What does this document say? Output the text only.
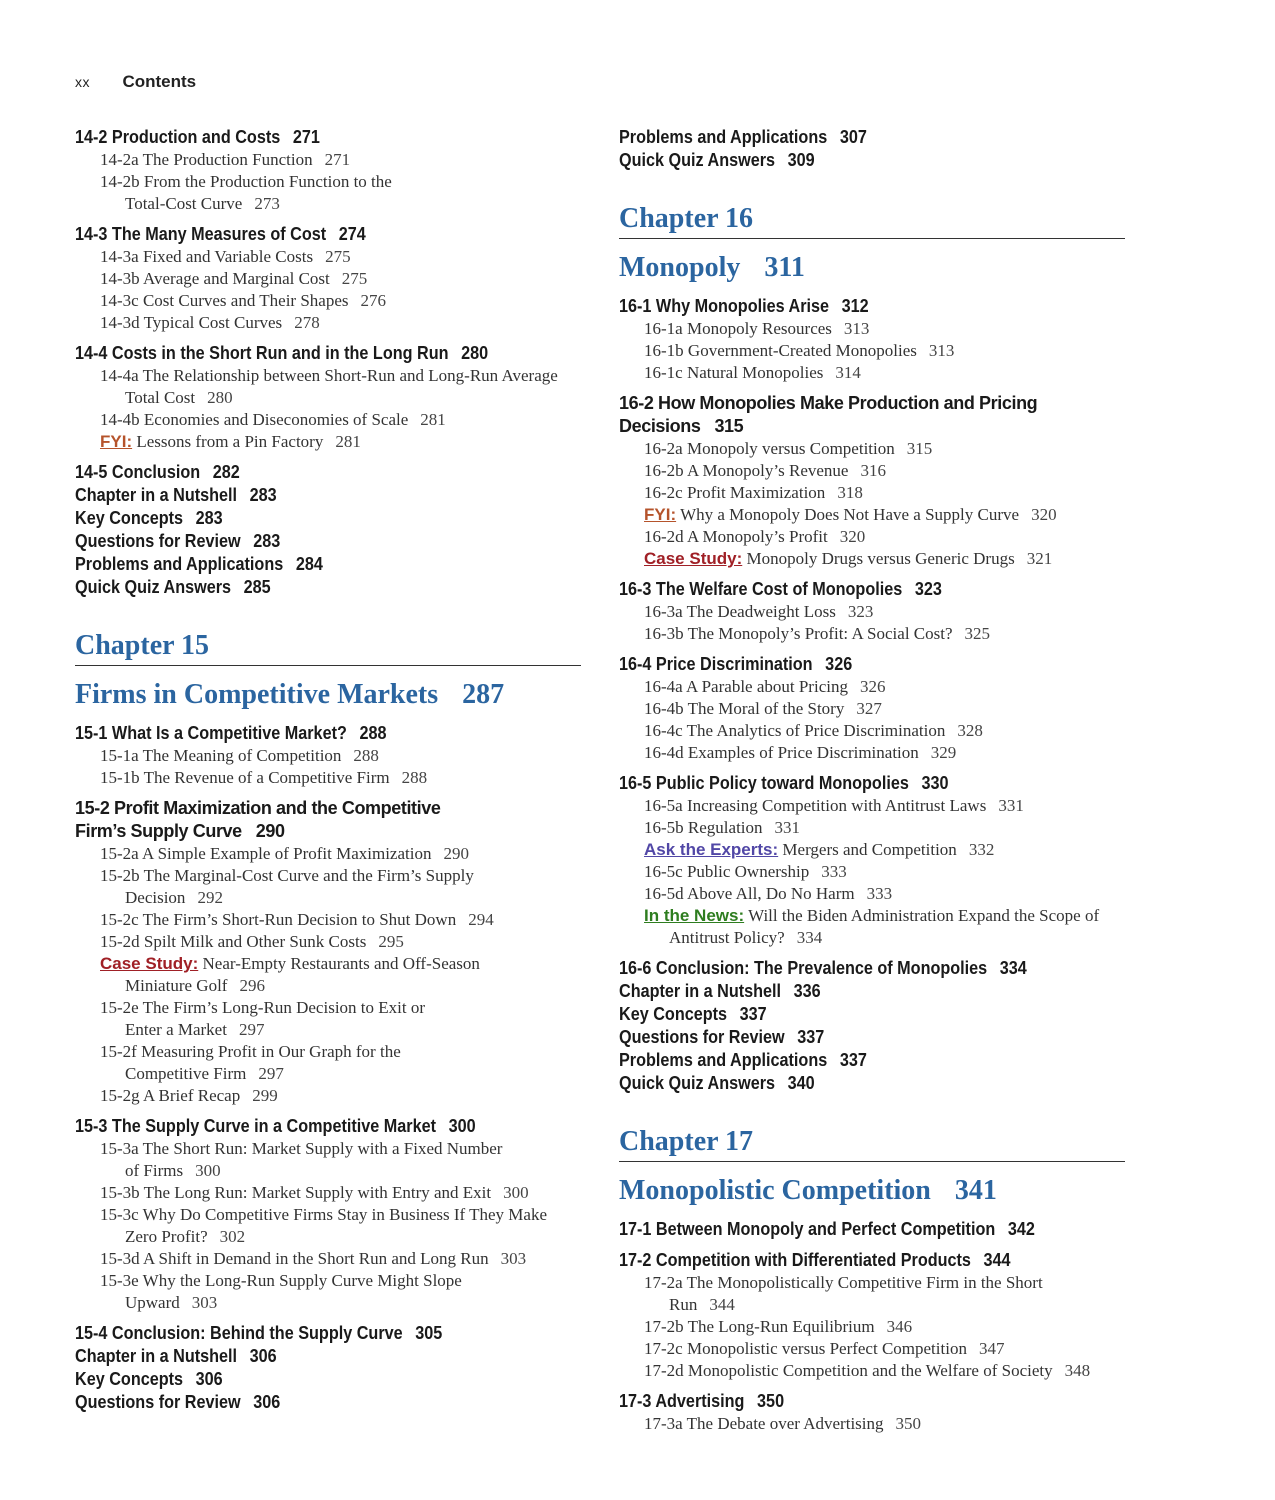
xx Contents
14-2 Production and Costs 271
14-2a The Production Function 271
14-2b From the Production Function to the Total-Cost Curve 273
14-3 The Many Measures of Cost 274
14-3a Fixed and Variable Costs 275
14-3b Average and Marginal Cost 275
14-3c Cost Curves and Their Shapes 276
14-3d Typical Cost Curves 278
14-4 Costs in the Short Run and in the Long Run 280
14-4a The Relationship between Short-Run and Long-Run Average Total Cost 280
14-4b Economies and Diseconomies of Scale 281
FYI: Lessons from a Pin Factory 281
14-5 Conclusion 282
Chapter in a Nutshell 283
Key Concepts 283
Questions for Review 283
Problems and Applications 284
Quick Quiz Answers 285
Chapter 15
Firms in Competitive Markets 287
15-1 What Is a Competitive Market? 288
15-1a The Meaning of Competition 288
15-1b The Revenue of a Competitive Firm 288
15-2 Profit Maximization and the Competitive Firm’s Supply Curve 290
15-2a A Simple Example of Profit Maximization 290
15-2b The Marginal-Cost Curve and the Firm’s Supply Decision 292
15-2c The Firm’s Short-Run Decision to Shut Down 294
15-2d Spilt Milk and Other Sunk Costs 295
Case Study: Near-Empty Restaurants and Off-Season Miniature Golf 296
15-2e The Firm’s Long-Run Decision to Exit or Enter a Market 297
15-2f Measuring Profit in Our Graph for the Competitive Firm 297
15-2g A Brief Recap 299
15-3 The Supply Curve in a Competitive Market 300
15-3a The Short Run: Market Supply with a Fixed Number of Firms 300
15-3b The Long Run: Market Supply with Entry and Exit 300
15-3c Why Do Competitive Firms Stay in Business If They Make Zero Profit? 302
15-3d A Shift in Demand in the Short Run and Long Run 303
15-3e Why the Long-Run Supply Curve Might Slope Upward 303
15-4 Conclusion: Behind the Supply Curve 305
Chapter in a Nutshell 306
Key Concepts 306
Questions for Review 306
Problems and Applications 307
Quick Quiz Answers 309
Chapter 16
Monopoly 311
16-1 Why Monopolies Arise 312
16-1a Monopoly Resources 313
16-1b Government-Created Monopolies 313
16-1c Natural Monopolies 314
16-2 How Monopolies Make Production and Pricing Decisions 315
16-2a Monopoly versus Competition 315
16-2b A Monopoly’s Revenue 316
16-2c Profit Maximization 318
FYI: Why a Monopoly Does Not Have a Supply Curve 320
16-2d A Monopoly’s Profit 320
Case Study: Monopoly Drugs versus Generic Drugs 321
16-3 The Welfare Cost of Monopolies 323
16-3a The Deadweight Loss 323
16-3b The Monopoly’s Profit: A Social Cost? 325
16-4 Price Discrimination 326
16-4a A Parable about Pricing 326
16-4b The Moral of the Story 327
16-4c The Analytics of Price Discrimination 328
16-4d Examples of Price Discrimination 329
16-5 Public Policy toward Monopolies 330
16-5a Increasing Competition with Antitrust Laws 331
16-5b Regulation 331
Ask the Experts: Mergers and Competition 332
16-5c Public Ownership 333
16-5d Above All, Do No Harm 333
In the News: Will the Biden Administration Expand the Scope of Antitrust Policy? 334
16-6 Conclusion: The Prevalence of Monopolies 334
Chapter in a Nutshell 336
Key Concepts 337
Questions for Review 337
Problems and Applications 337
Quick Quiz Answers 340
Chapter 17
Monopolistic Competition 341
17-1 Between Monopoly and Perfect Competition 342
17-2 Competition with Differentiated Products 344
17-2a The Monopolistically Competitive Firm in the Short Run 344
17-2b The Long-Run Equilibrium 346
17-2c Monopolistic versus Perfect Competition 347
17-2d Monopolistic Competition and the Welfare of Society 348
17-3 Advertising 350
17-3a The Debate over Advertising 350
